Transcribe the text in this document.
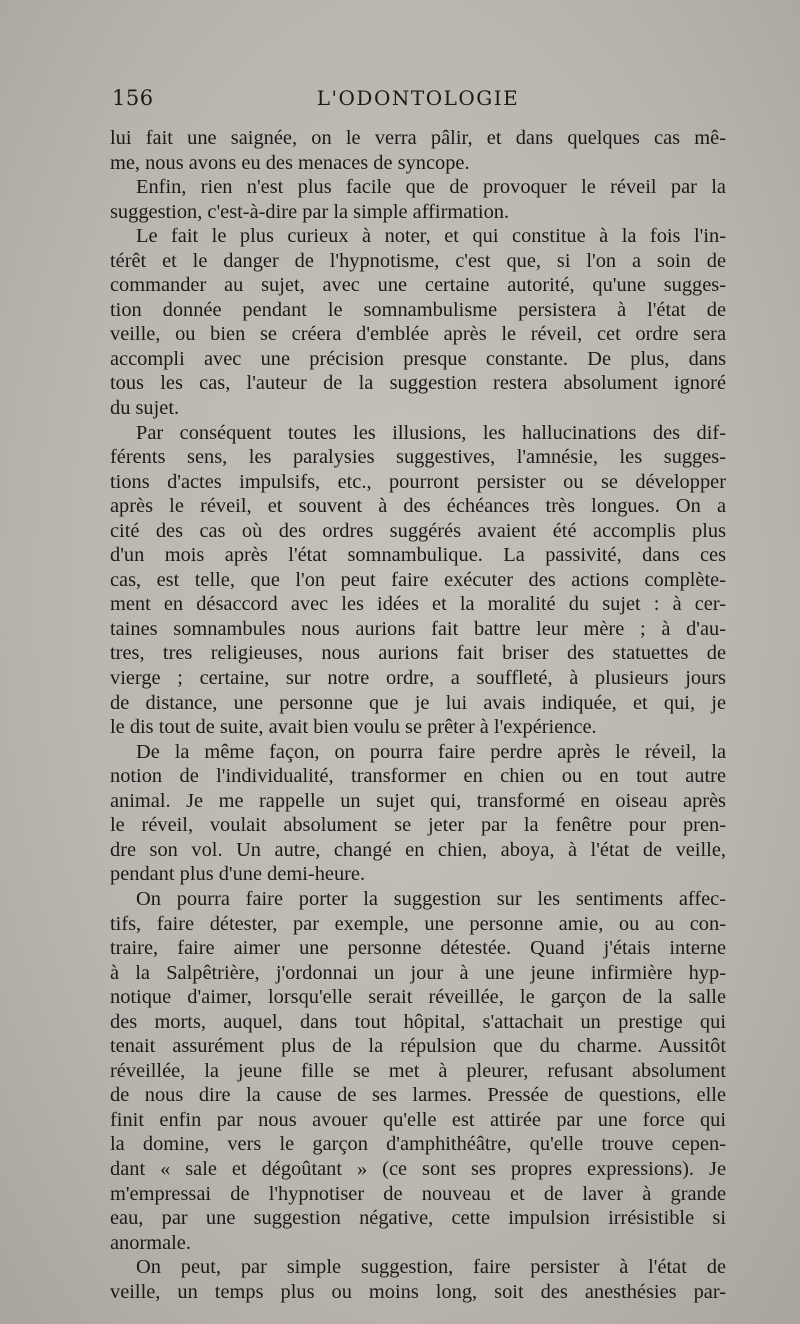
156	L'ODONTOLOGIE
lui fait une saignée, on le verra pâlir, et dans quelques cas mê-
me, nous avons eu des menaces de syncope.
Enfin, rien n'est plus facile que de provoquer le réveil par la
suggestion, c'est-à-dire par la simple affirmation.
Le fait le plus curieux à noter, et qui constitue à la fois l'in-
térêt et le danger de l'hypnotisme, c'est que, si l'on a soin de
commander au sujet, avec une certaine autorité, qu'une sugges-
tion donnée pendant le somnambulisme persistera à l'état de
veille, ou bien se créera d'emblée après le réveil, cet ordre sera
accompli avec une précision presque constante. De plus, dans
tous les cas, l'auteur de la suggestion restera absolument ignoré
du sujet.
Par conséquent toutes les illusions, les hallucinations des dif-
férents sens, les paralysies suggestives, l'amnésie, les sugges-
tions d'actes impulsifs, etc., pourront persister ou se développer
après le réveil, et souvent à des échéances très longues. On a
cité des cas où des ordres suggérés avaient été accomplis plus
d'un mois après l'état somnambulique. La passivité, dans ces
cas, est telle, que l'on peut faire exécuter des actions complète-
ment en désaccord avec les idées et la moralité du sujet : à cer-
taines somnambules nous aurions fait battre leur mère ; à d'au-
tres, tres religieuses, nous aurions fait briser des statuettes de
vierge ; certaine, sur notre ordre, a souffleté, à plusieurs jours
de distance, une personne que je lui avais indiquée, et qui, je
le dis tout de suite, avait bien voulu se prêter à l'expérience.
De la même façon, on pourra faire perdre après le réveil, la
notion de l'individualité, transformer en chien ou en tout autre
animal. Je me rappelle un sujet qui, transformé en oiseau après
le réveil, voulait absolument se jeter par la fenêtre pour pren-
dre son vol. Un autre, changé en chien, aboya, à l'état de veille,
pendant plus d'une demi-heure.
On pourra faire porter la suggestion sur les sentiments affec-
tifs, faire détester, par exemple, une personne amie, ou au con-
traire, faire aimer une personne détestée. Quand j'étais interne
à la Salpêtrière, j'ordonnai un jour à une jeune infirmière hyp-
notique d'aimer, lorsqu'elle serait réveillée, le garçon de la salle
des morts, auquel, dans tout hôpital, s'attachait un prestige qui
tenait assurément plus de la répulsion que du charme. Aussitôt
réveillée, la jeune fille se met à pleurer, refusant absolument
de nous dire la cause de ses larmes. Pressée de questions, elle
finit enfin par nous avouer qu'elle est attirée par une force qui
la domine, vers le garçon d'amphithéâtre, qu'elle trouve cepen-
dant « sale et dégoûtant » (ce sont ses propres expressions). Je
m'empressai de l'hypnotiser de nouveau et de laver à grande
eau, par une suggestion négative, cette impulsion irrésistible si
anormale.
On peut, par simple suggestion, faire persister à l'état de
veille, un temps plus ou moins long, soit des anesthésies par-
